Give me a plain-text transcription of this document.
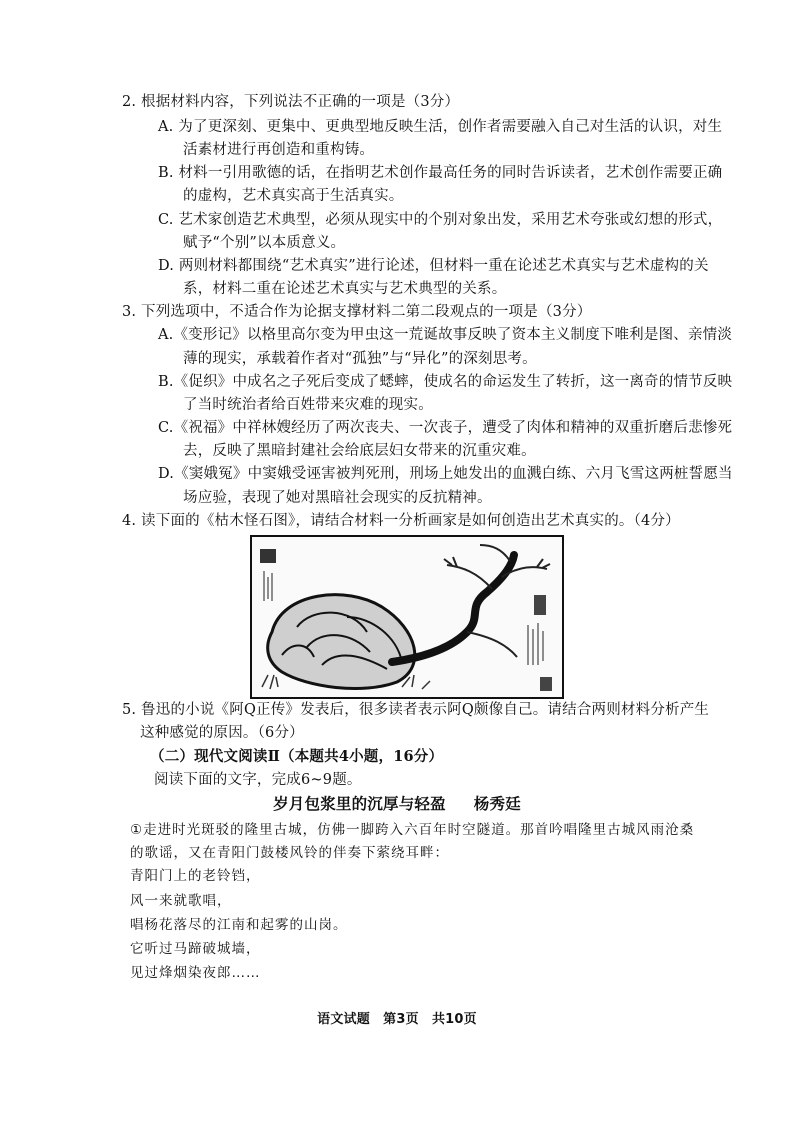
2. 根据材料内容，下列说法不正确的一项是（3分）
A. 为了更深刻、更集中、更典型地反映生活，创作者需要融入自己对生活的认识，对生
活素材进行再创造和重构铸。
B. 材料一引用歌德的话，在指明艺术创作最高任务的同时告诉读者，艺术创作需要正确
的虚构，艺术真实高于生活真实。
C. 艺术家创造艺术典型，必须从现实中的个别对象出发，采用艺术夸张或幻想的形式，
赋予“个别”以本质意义。
D. 两则材料都围绕“艺术真实”进行论述，但材料一重在论述艺术真实与艺术虚构的关
系，材料二重在论述艺术真实与艺术典型的关系。
3. 下列选项中，不适合作为论据支撑材料二第二段观点的一项是（3分）
A.《变形记》以格里高尔变为甲虫这一荒诞故事反映了资本主义制度下唯利是图、亲情淡
薄的现实，承载着作者对“孤独”与“异化”的深刻思考。
B.《促织》中成名之子死后变成了蟋蟀，使成名的命运发生了转折，这一离奇的情节反映
了当时统治者给百姓带来灾难的现实。
C.《祝福》中祥林嫂经历了两次丧夫、一次丧子，遭受了肉体和精神的双重折磨后悲惨死
去，反映了黑暗封建社会给底层妇女带来的沉重灾难。
D.《窦娥冤》中窦娥受诬害被判死刑，刑场上她发出的血溅白练、六月飞雪这两桩誓愿当
场应验，表现了她对黑暗社会现实的反抗精神。
4. 读下面的《枯木怪石图》，请结合材料一分析画家是如何创造出艺术真实的。（4分）
5. 鲁迅的小说《阿Q正传》发表后，很多读者表示阿Q颇像自己。请结合两则材料分析产生
这种感觉的原因。（6分）
（二）现代文阅读Ⅱ（本题共4小题，16分）
阅读下面的文字，完成6~9题。
岁月包浆里的沉厚与轻盈 杨秀廷
①走进时光斑驳的隆里古城，仿佛一脚跨入六百年时空隧道。那首吟唱隆里古城风雨沧桑
的歌谣，又在青阳门鼓楼风铃的伴奏下萦绕耳畔：
青阳门上的老铃铛，
风一来就歌唱，
唱杨花落尽的江南和起雾的山岗。
它听过马蹄破城墙，
见过烽烟染夜郎……
语文试题　第3页　共10页
